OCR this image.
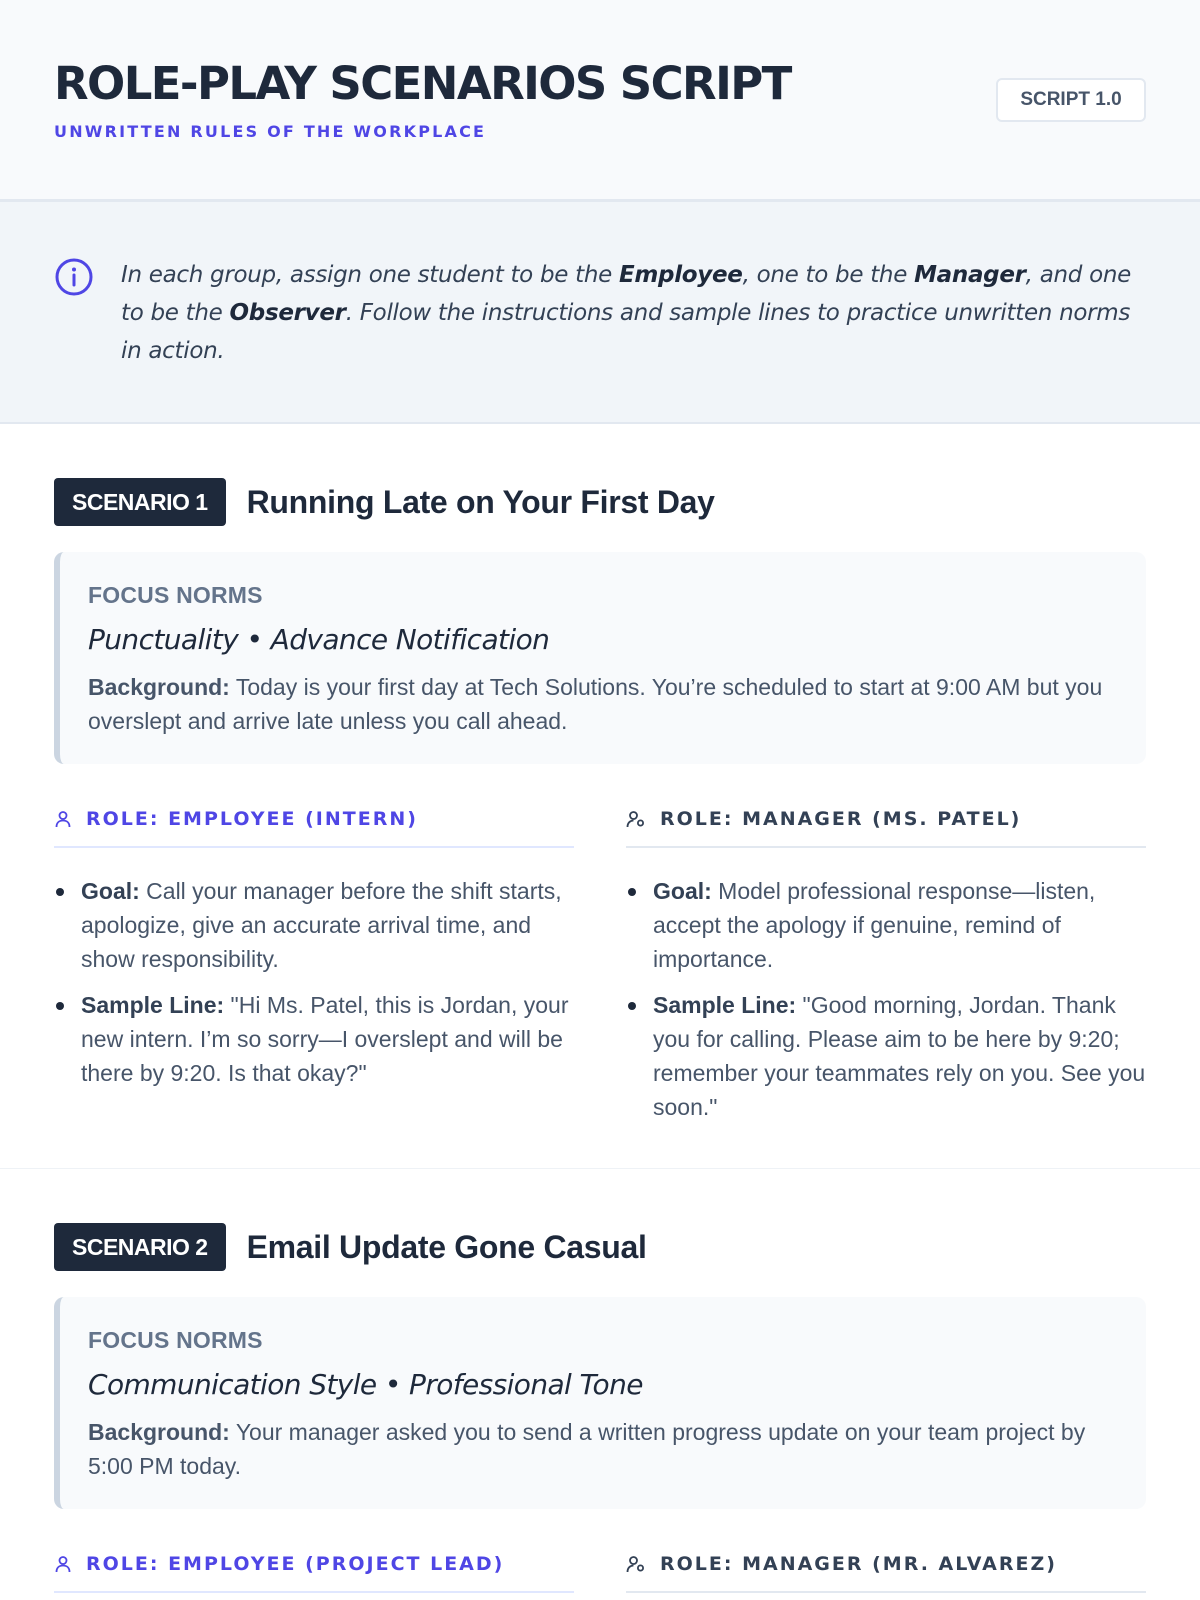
ROLE-PLAY SCENARIOS SCRIPT
UNWRITTEN RULES OF THE WORKPLACE
SCRIPT 1.0

In each group, assign one student to be the Employee, one to be the Manager, and one to be the Observer. Follow the instructions and sample lines to practice unwritten norms in action.

SCENARIO 1	Running Late on Your First Day
FOCUS NORMS
Punctuality • Advance Notification

Background: Today is your first day at Tech Solutions. You’re scheduled to start at 9:00 AM but you overslept and arrive late unless you call ahead.

ROLE: EMPLOYEE (INTERN)
Goal: Call your manager before the shift starts, apologize, give an accurate arrival time, and show responsibility.
Sample Line: "Hi Ms. Patel, this is Jordan, your new intern. I’m so sorry—I overslept and will be there by 9:20. Is that okay?"
ROLE: MANAGER (MS. PATEL)
Goal: Model professional response—listen, accept the apology if genuine, remind of importance.
Sample Line: "Good morning, Jordan. Thank you for calling. Please aim to be here by 9:20; remember your teammates rely on you. See you soon."
SCENARIO 2	Email Update Gone Casual
FOCUS NORMS
Communication Style • Professional Tone

Background: Your manager asked you to send a written progress update on your team project by 5:00 PM today.

ROLE: EMPLOYEE (PROJECT LEAD)	ROLE: MANAGER (MR. ALVAREZ)
